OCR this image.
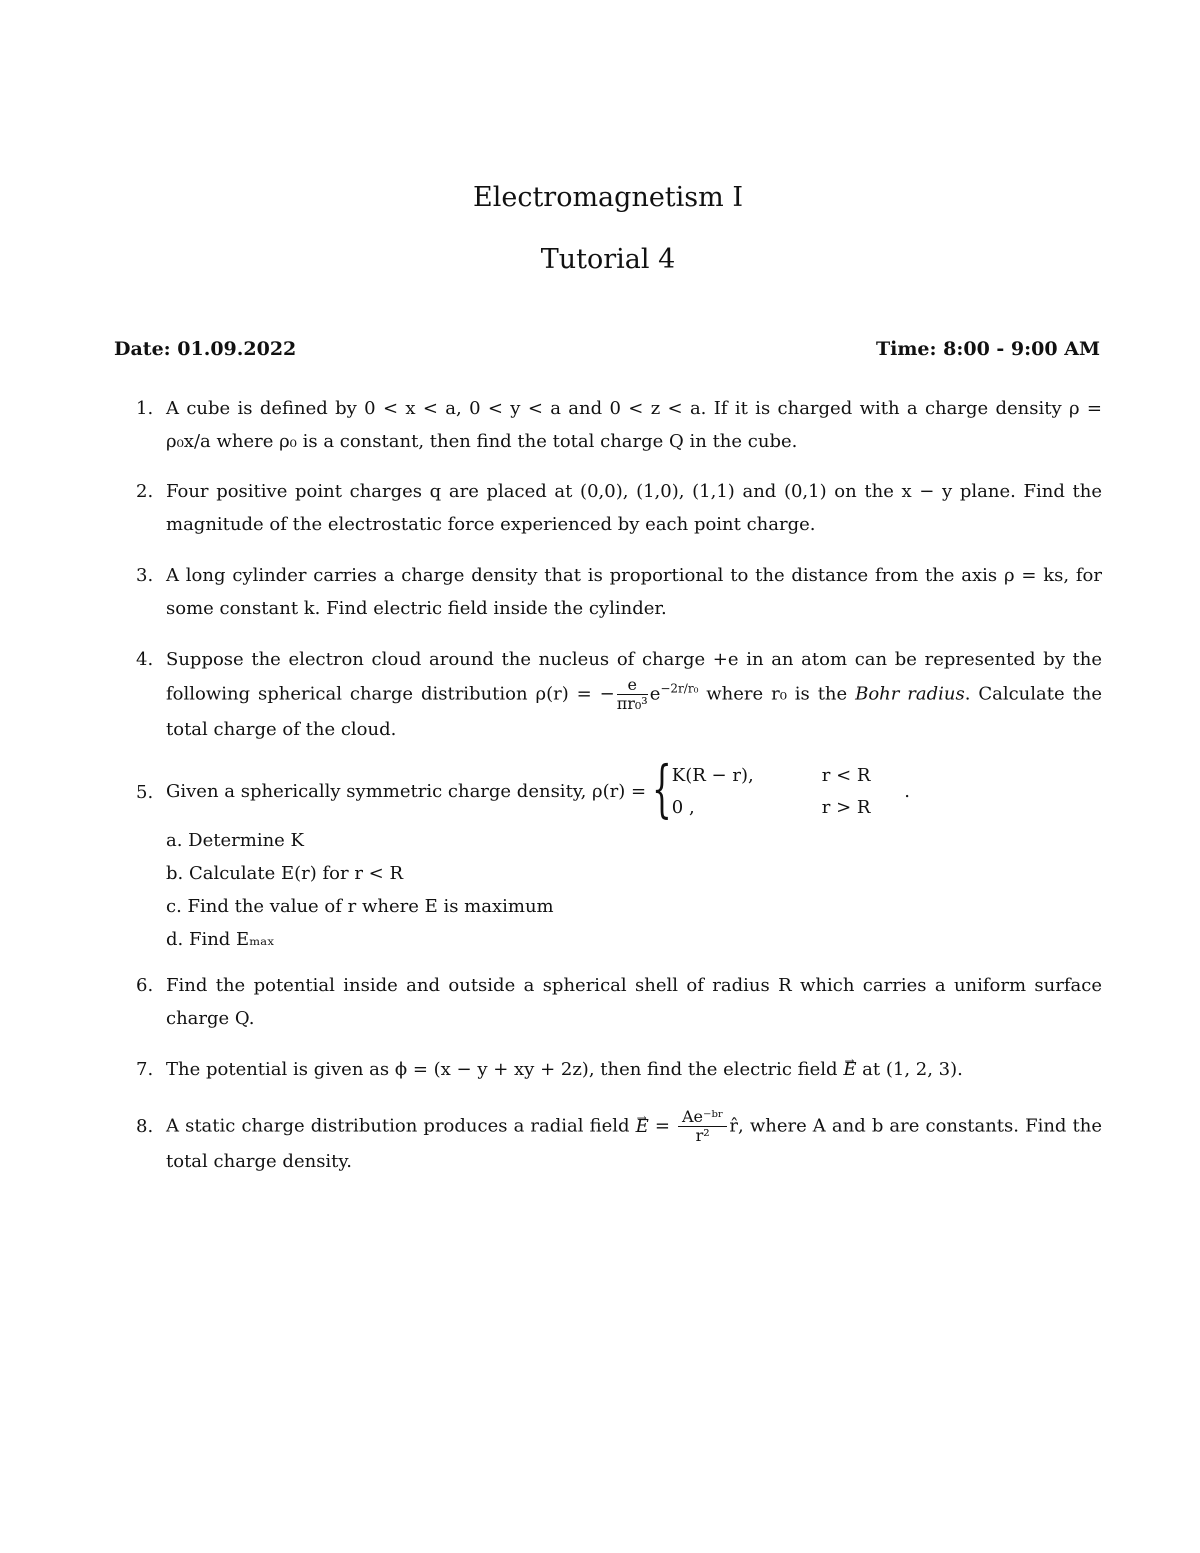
Electromagnetism I
Tutorial 4
Date: 01.09.2022	Time: 8:00 - 9:00 AM
1. A cube is defined by 0 < x < a, 0 < y < a and 0 < z < a. If it is charged with a charge density ρ = ρ₀x/a where ρ₀ is a constant, then find the total charge Q in the cube.
2. Four positive point charges q are placed at (0,0), (1,0), (1,1) and (0,1) on the x − y plane. Find the magnitude of the electrostatic force experienced by each point charge.
3. A long cylinder carries a charge density that is proportional to the distance from the axis ρ = ks, for some constant k. Find electric field inside the cylinder.
4. Suppose the electron cloud around the nucleus of charge +e in an atom can be represented by the following spherical charge distribution ρ(r) = − $\frac{e}{\text{πr₀³}} e^{-2r/r_0}$ where r₀ is the Bohr radius. Calculate the total charge of the cloud.
5. Given a spherically symmetric charge density, ρ(r) = { K(R − r),	r < R
0 ,	r > R
.
a. Determine K
b. Calculate E(r) for r < R
c. Find the value of r where E is maximum
d. Find Eₘₐₓ
6. Find the potential inside and outside a spherical shell of radius R which carries a uniform surface charge Q.
7. The potential is given as ϕ = (x − y + xy + 2z), then find the electric field → E at (1, 2, 3).
8. A static charge distribution produces a radial field → $E = \frac{\text{Ae⁻ᵇʳ}}{\text{r²}}$ r̂, where A and b are constants. Find the total charge density.
